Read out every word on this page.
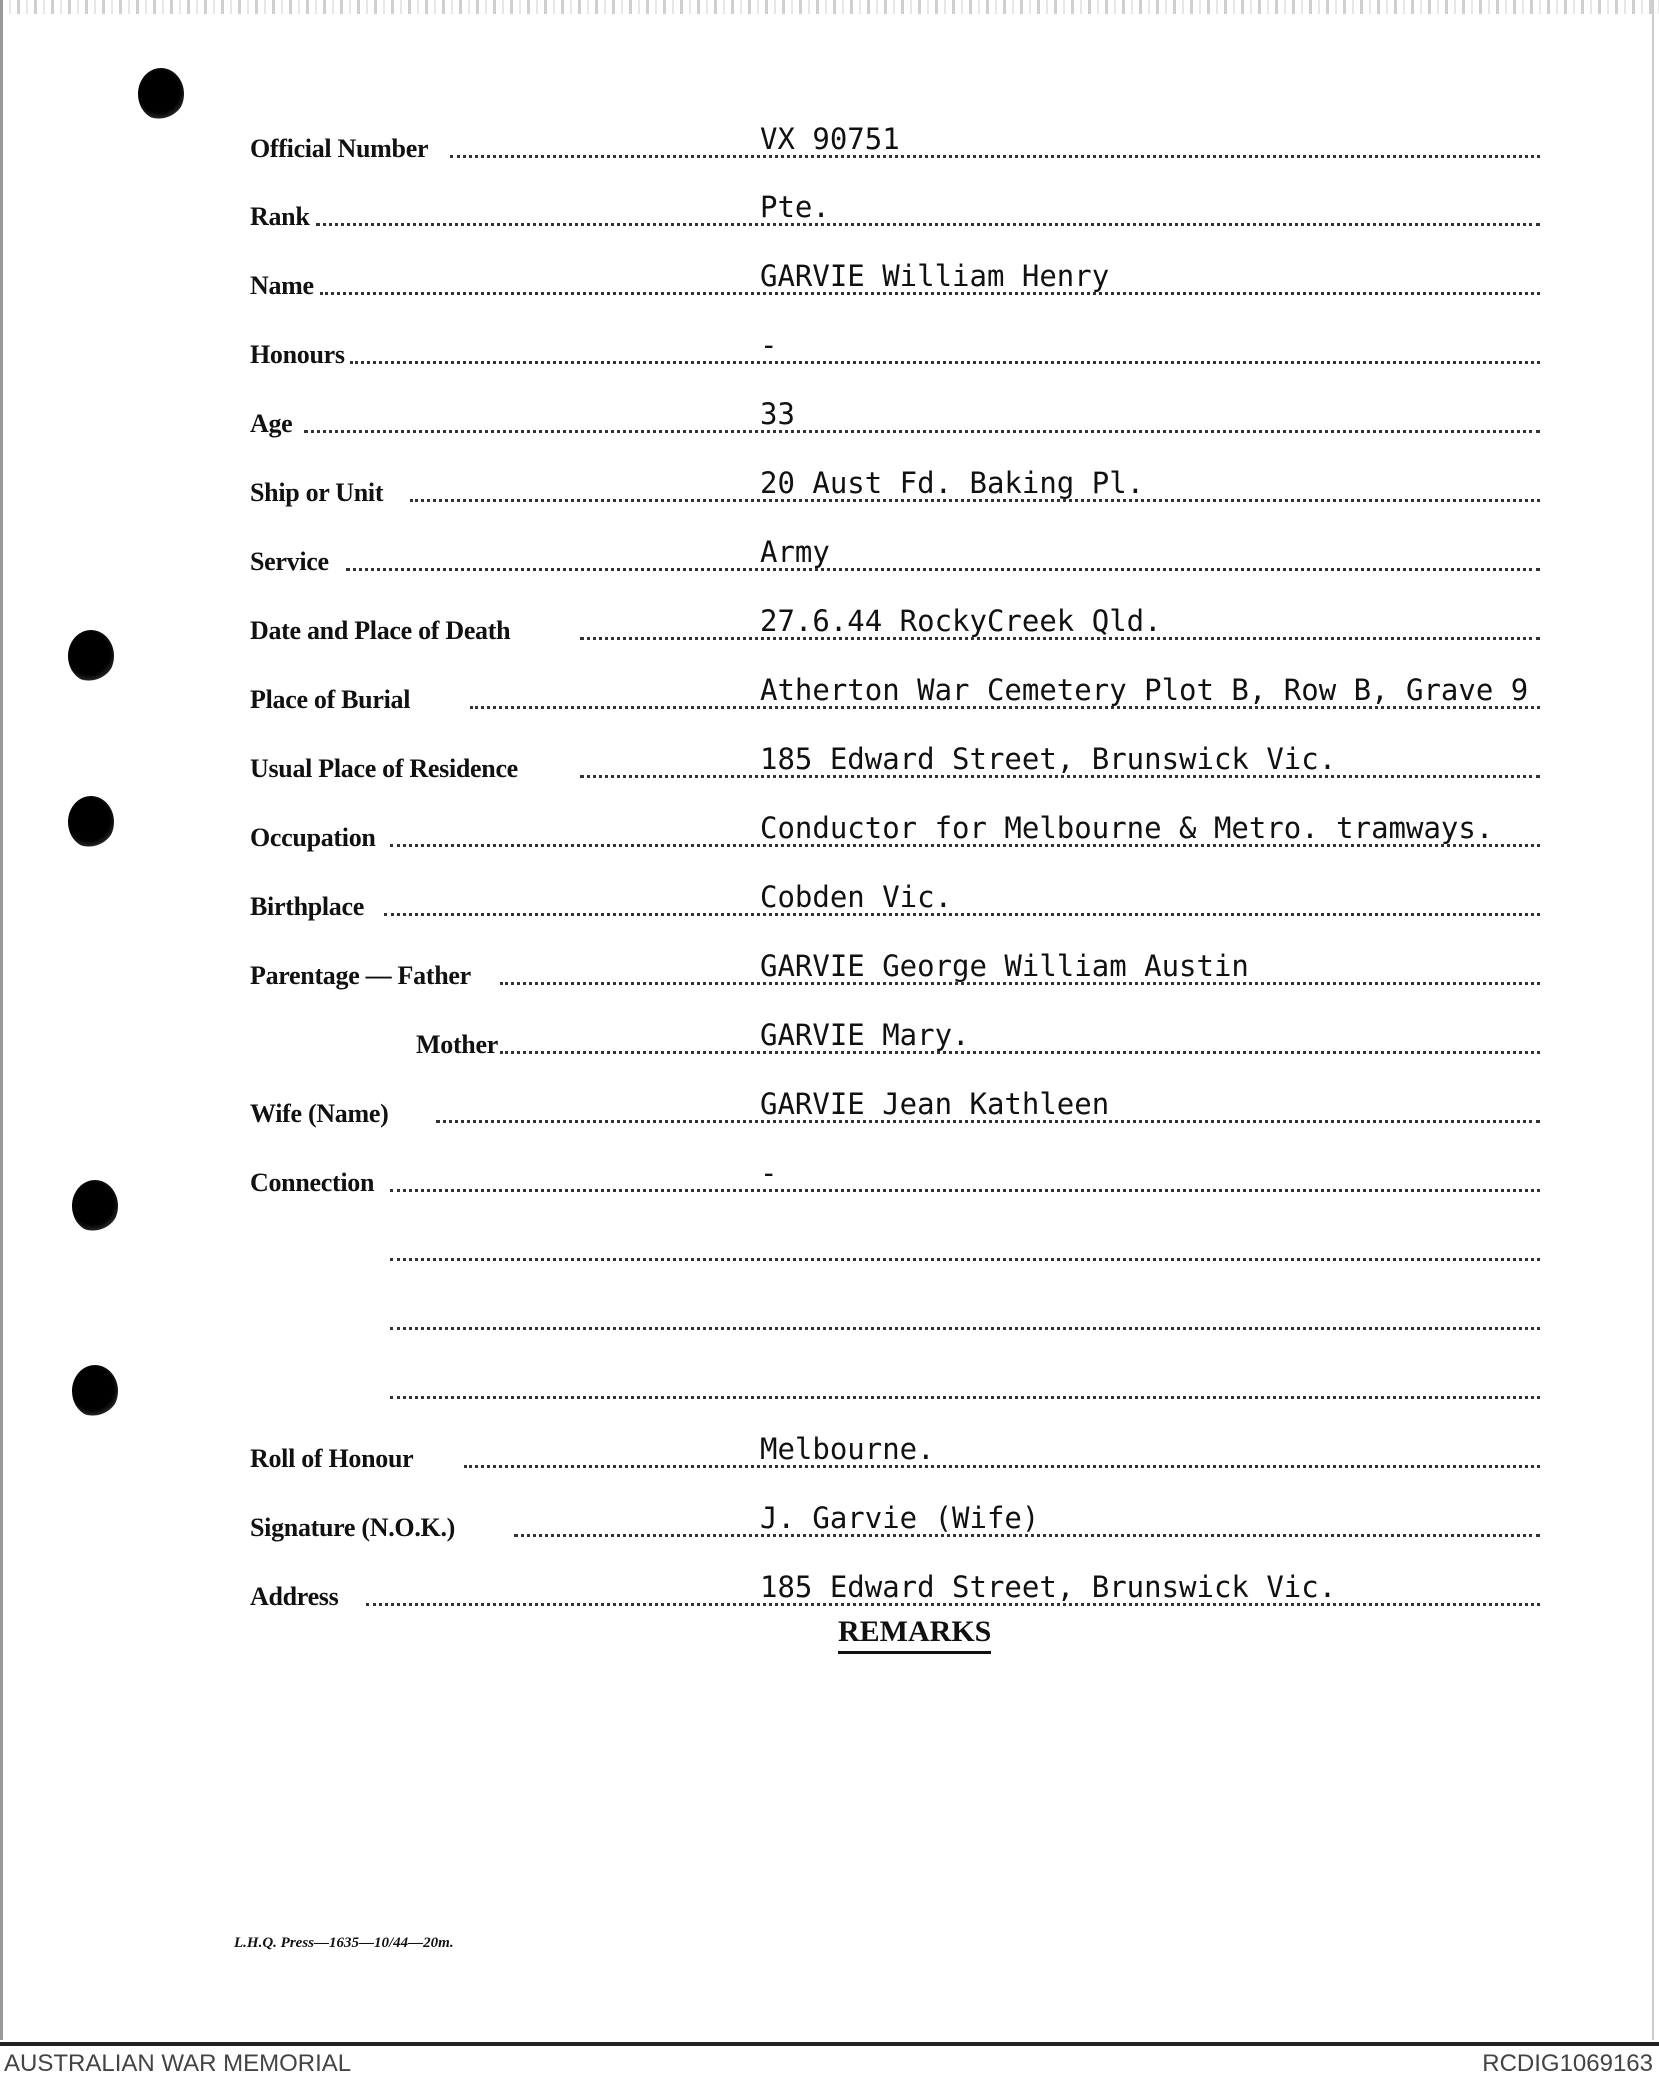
Official Number	VX 90751
Rank	Pte.
Name	GARVIE William Henry
Honours	-
Age	33
Ship or Unit	20 Aust Fd. Baking Pl.
Service	Army
Date and Place of Death	27.6.44 RockyCreek Qld.
Place of Burial	Atherton War Cemetery Plot B, Row B, Grave 9
Usual Place of Residence	185 Edward Street, Brunswick Vic.
Occupation	Conductor for Melbourne & Metro. tramways.
Birthplace	Cobden Vic.
Parentage — Father	GARVIE George William Austin
Mother	GARVIE Mary.
Wife (Name)	GARVIE Jean Kathleen
Connection	-
Roll of Honour	Melbourne.
Signature (N.O.K.)	J. Garvie (Wife)
Address	185 Edward Street, Brunswick Vic.
REMARKS
L.H.Q. Press—1635—10/44—20m.
AUSTRALIAN WAR MEMORIAL	RCDIG1069163
